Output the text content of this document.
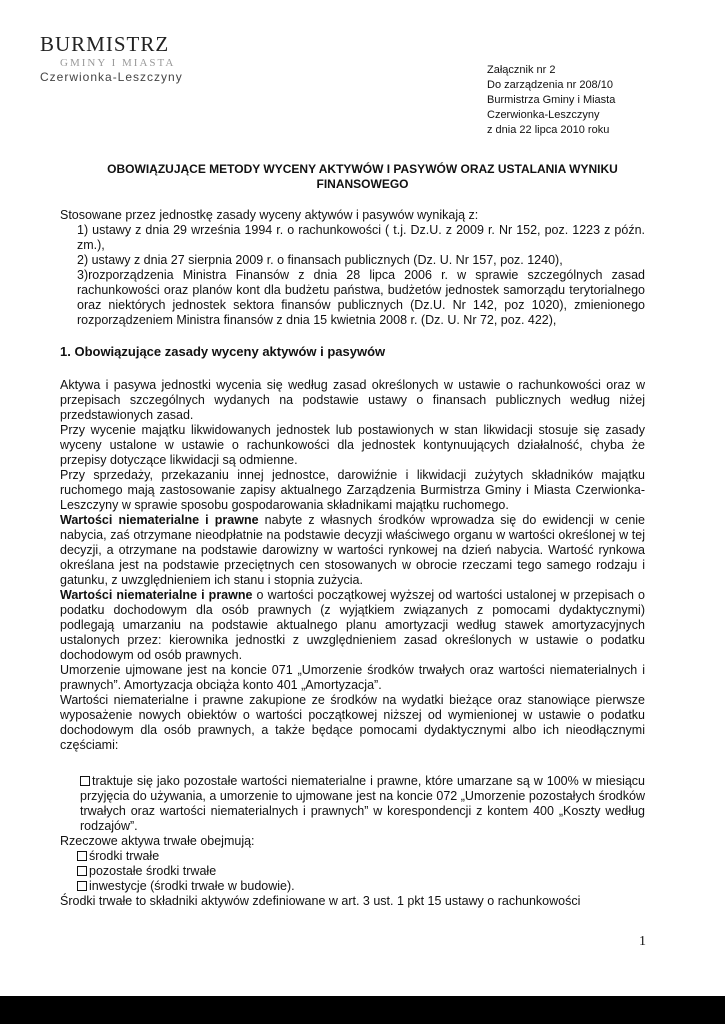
BURMISTRZ
GMINY I MIASTA
Czerwionka-Leszczyny	Załącznik nr 2
Do zarządzenia nr 208/10
Burmistrza Gminy i Miasta
Czerwionka-Leszczyny
z dnia 22 lipca 2010 roku
OBOWIĄZUJĄCE METODY WYCENY AKTYWÓW I PASYWÓW ORAZ USTALANIA WYNIKU FINANSOWEGO

Stosowane przez jednostkę zasady wyceny aktywów i pasywów wynikają z:

1) ustawy z dnia 29 września 1994 r. o rachunkowości ( t.j. Dz.U. z 2009 r. Nr 152, poz. 1223 z późn. zm.),

2) ustawy z dnia 27 sierpnia 2009 r. o finansach publicznych (Dz. U. Nr 157, poz. 1240),

3)rozporządzenia Ministra Finansów z dnia 28 lipca 2006 r. w sprawie szczególnych zasad rachunkowości oraz planów kont dla budżetu państwa, budżetów jednostek samorządu terytorialnego oraz niektórych jednostek sektora finansów publicznych (Dz.U. Nr 142, poz 1020), zmienionego rozporządzeniem Ministra finansów z dnia 15 kwietnia 2008 r. (Dz. U. Nr 72, poz. 422),

1. Obowiązujące zasady wyceny aktywów i pasywów

Aktywa i pasywa jednostki wycenia się według zasad określonych w ustawie o rachunkowości oraz w przepisach szczególnych wydanych na podstawie ustawy o finansach publicznych według niżej przedstawionych zasad.

Przy wycenie majątku likwidowanych jednostek lub postawionych w stan likwidacji stosuje się zasady wyceny ustalone w ustawie o rachunkowości dla jednostek kontynuujących działalność, chyba że przepisy dotyczące likwidacji są odmienne.

Przy sprzedaży, przekazaniu innej jednostce, darowiźnie i likwidacji zużytych składników majątku ruchomego mają zastosowanie zapisy aktualnego Zarządzenia Burmistrza Gminy i Miasta Czerwionka-Leszczyny w sprawie sposobu gospodarowania składnikami majątku ruchomego.

Wartości niematerialne i prawne nabyte z własnych środków wprowadza się do ewidencji w cenie nabycia, zaś otrzymane nieodpłatnie na podstawie decyzji właściwego organu w wartości określonej w tej decyzji, a otrzymane na podstawie darowizny w wartości rynkowej na dzień nabycia. Wartość rynkowa określana jest na podstawie przeciętnych cen stosowanych w obrocie rzeczami tego samego rodzaju i gatunku, z uwzględnieniem ich stanu i stopnia zużycia.

Wartości niematerialne i prawne o wartości początkowej wyższej od wartości ustalonej w przepisach o podatku dochodowym dla osób prawnych (z wyjątkiem związanych z pomocami dydaktycznymi) podlegają umarzaniu na podstawie aktualnego planu amortyzacji według stawek amortyzacyjnych ustalonych przez: kierownika jednostki z uwzględnieniem zasad określonych w ustawie o podatku dochodowym od osób prawnych.

Umorzenie ujmowane jest na koncie 071 „Umorzenie środków trwałych oraz wartości niematerialnych i prawnych”. Amortyzacja obciąża konto 401 „Amortyzacja”.

Wartości niematerialne i prawne zakupione ze środków na wydatki bieżące oraz stanowiące pierwsze wyposażenie nowych obiektów o wartości początkowej niższej od wymienionej w ustawie o podatku dochodowym dla osób prawnych, a także będące pomocami dydaktycznymi albo ich nieodłącznymi częściami:

traktuje się jako pozostałe wartości niematerialne i prawne, które umarzane są w 100% w miesiącu przyjęcia do używania, a umorzenie to ujmowane jest na koncie 072 „Umorzenie pozostałych środków trwałych oraz wartości niematerialnych i prawnych” w korespondencji z kontem 400 „Koszty według rodzajów”.

Rzeczowe aktywa trwałe obejmują:

środki trwałe

pozostałe środki trwałe

inwestycje (środki trwałe w budowie).

Środki trwałe to składniki aktywów zdefiniowane w art. 3 ust. 1 pkt 15 ustawy o rachunkowości

1
